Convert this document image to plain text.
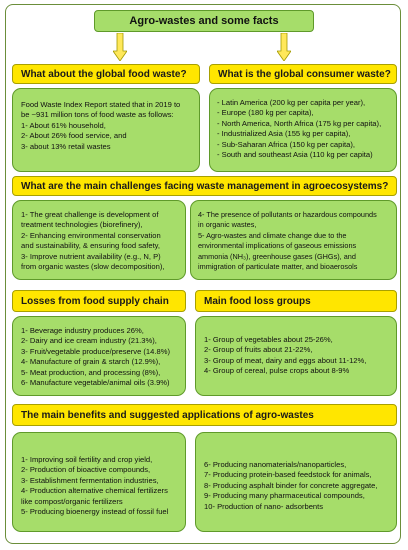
Agro-wastes and some facts
What about the global food waste?	What is the global consumer waste?

Food Waste Index Report stated that in 2019 to

be ~931 million tons of food waste as follows:

1- About 61% household,

2- About 26% food service, and

3- about 13% retail wastes

- Latin America (200 kg per capita per year),

- Europe (180 kg per capita),

- North America, North Africa (175 kg per capita),

- Industrialized Asia (155 kg per capita),

- Sub-Saharan Africa (150 kg per capita),

- South and southeast Asia (110 kg per capita)

What are the main challenges facing waste management in agroecosystems?

1- The great challenge is development of

treatment technologies (biorefinery),

2- Enhancing environmental conservation

and sustainability, & ensuring food safety,

3- Improve nutrient availability (e.g., N, P)

from organic wastes (slow decomposition),

4- The presence of pollutants or hazardous compounds

in organic wastes,

5- Agro-wastes and climate change due to the

environmental implications of gaseous emissions

ammonia (NH₃), greenhouse gases (GHGs), and

immigration of particulate matter, and bioaerosols

Losses from food supply chain	Main food loss groups

1- Beverage industry produces 26%,

2- Dairy and ice cream industry (21.3%),

3- Fruit/vegetable produce/preserve (14.8%)

4- Manufacture of grain & starch (12.9%),

5- Meat production, and processing (8%),

6- Manufacture vegetable/animal oils (3.9%)

1- Group of vegetables about 25-26%,

2- Group of fruits about 21-22%,

3- Group of meat, dairy and eggs about 11-12%,

4- Group of cereal, pulse crops about 8-9%

The main benefits and suggested applications of agro-wastes

1- Improving soil fertility and crop yield,

2- Production of bioactive compounds,

3- Establishment fermentation industries,

4- Production alternative chemical fertilizers

like compost/organic fertilizers

5- Producing bioenergy instead of fossil fuel

6- Producing nanomaterials/nanoparticles,

7- Producing protein-based feedstock for animals,

8- Producing asphalt binder for concrete aggregate,

9- Producing many pharmaceutical compounds,

10- Production of nano- adsorbents
